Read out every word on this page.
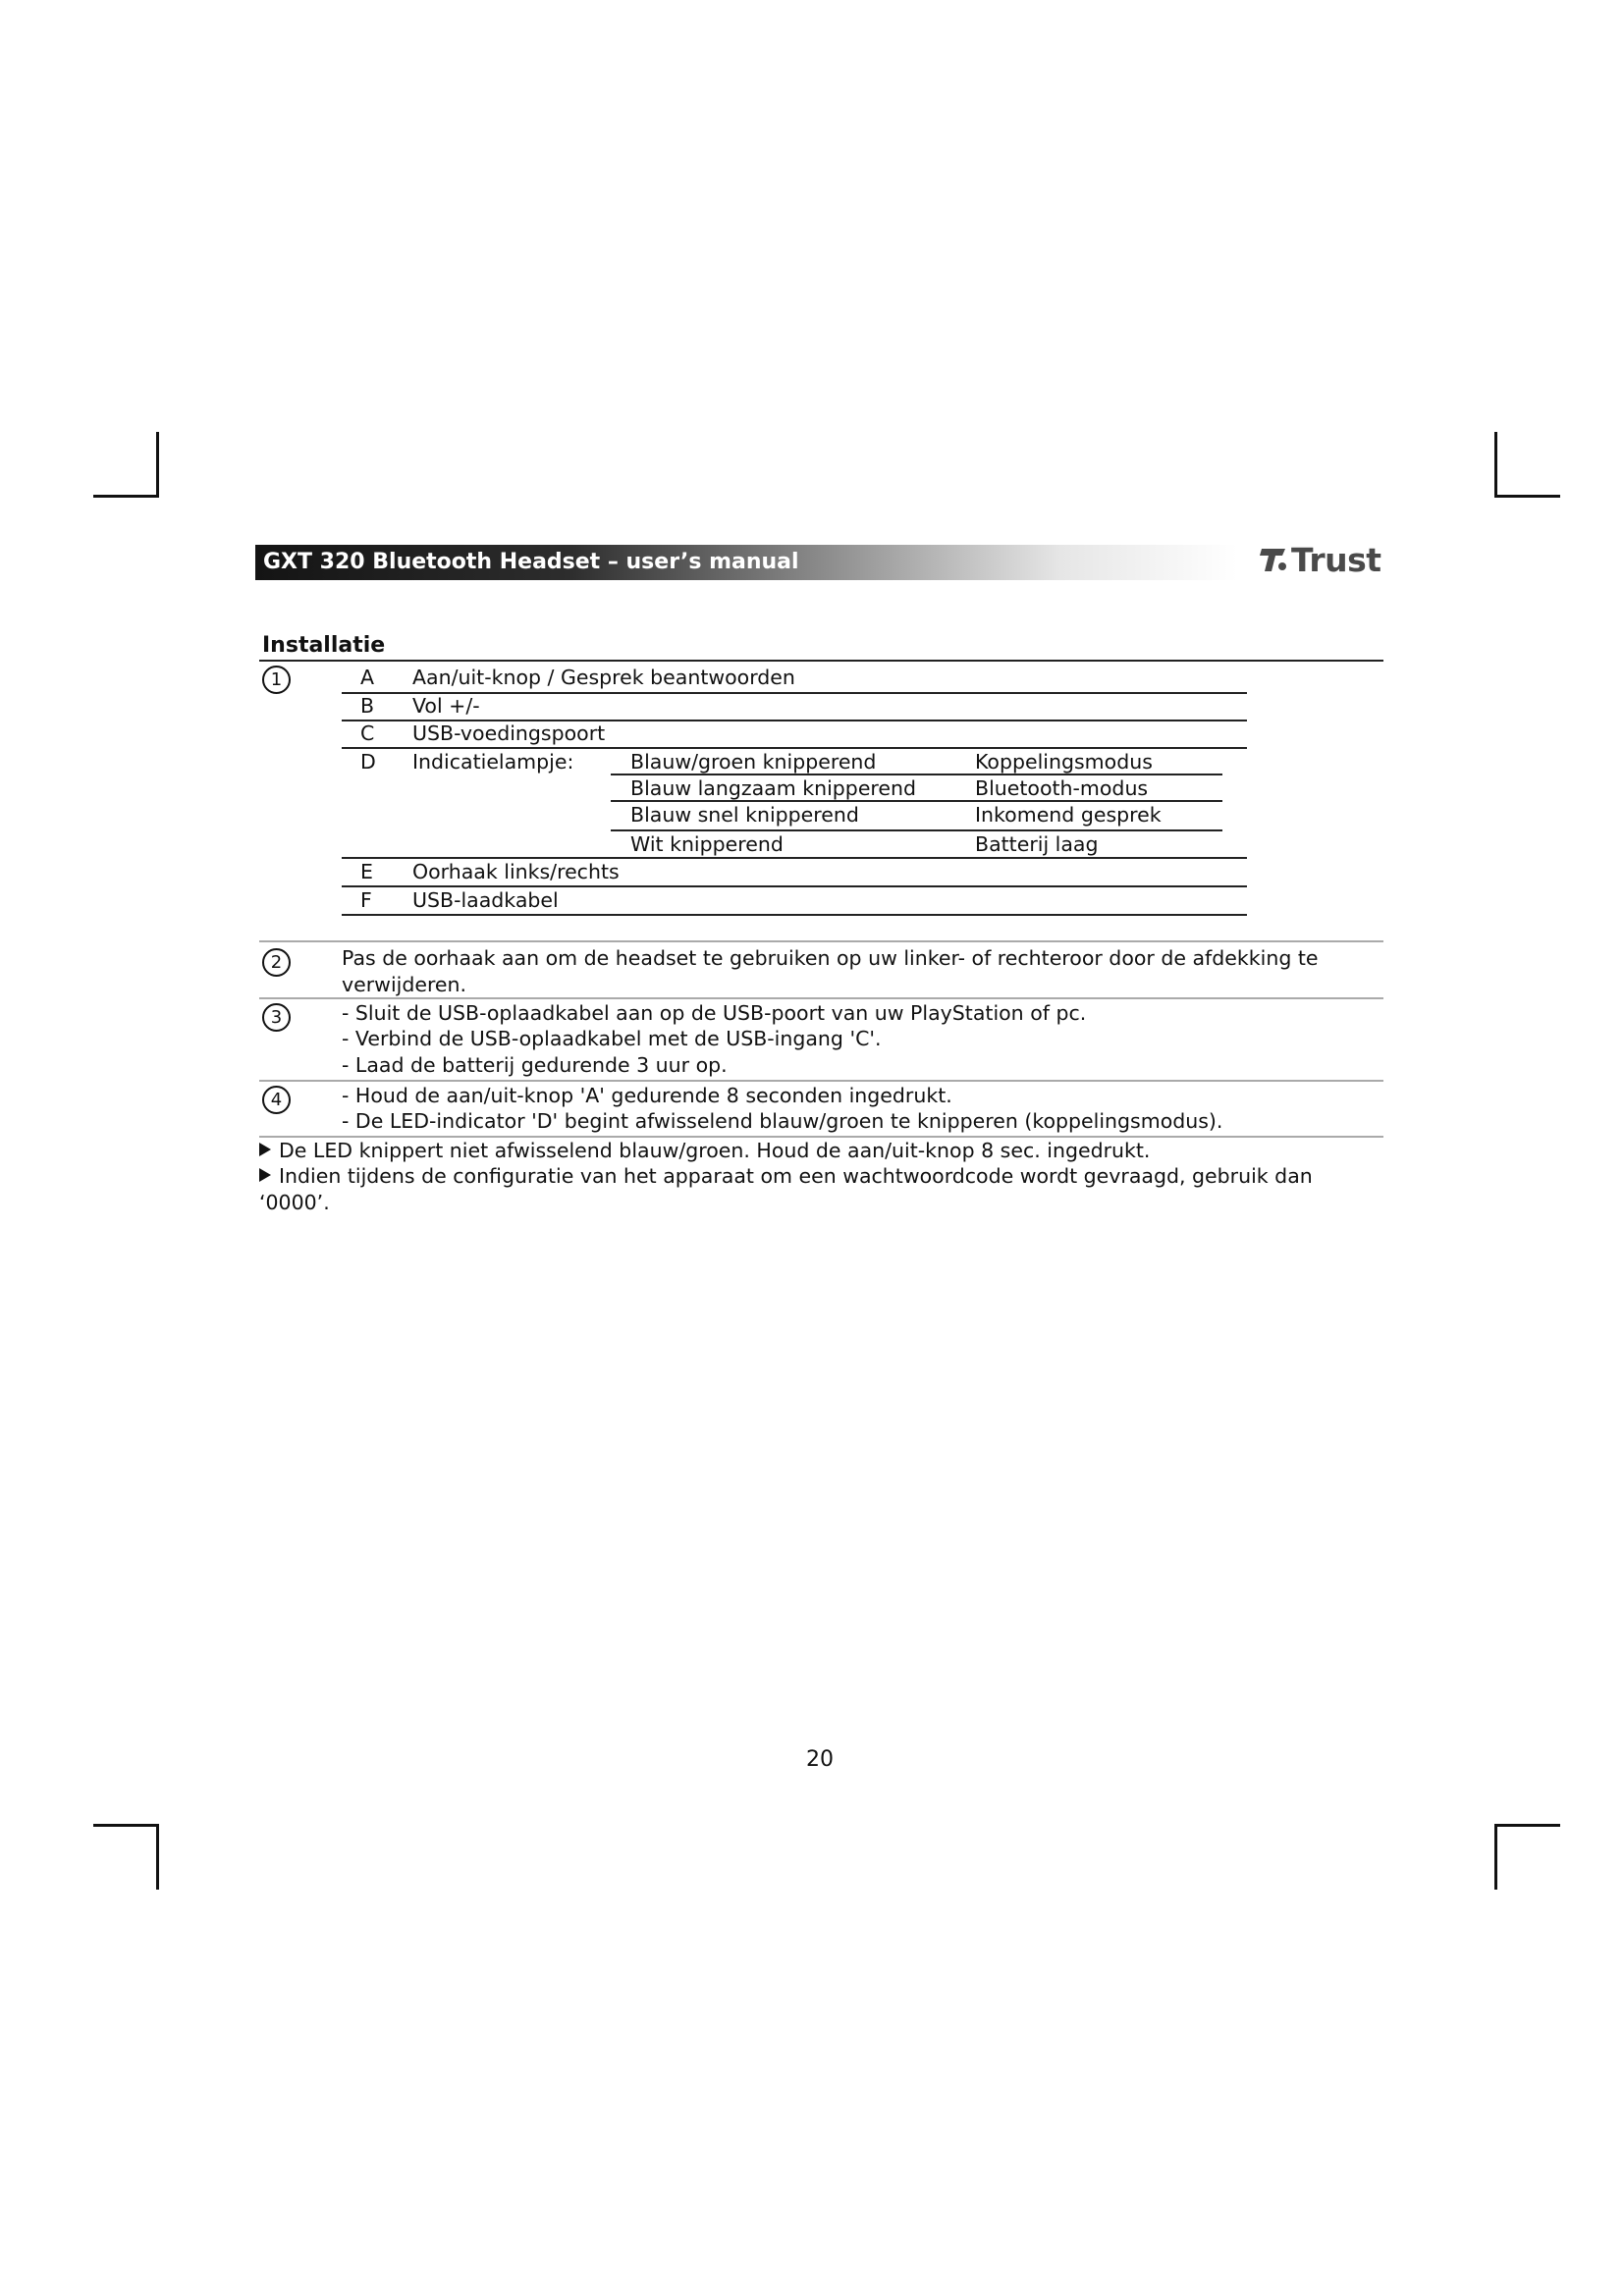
GXT 320 Bluetooth Headset – user’s manual	Trust
Installatie
1	A Aan/uit-knop / Gesprek beantwoorden
B Vol +/-
C USB-voedingspoort
D Indicatielampje:	Blauw/groen knipperend	Koppelingsmodus
Blauw langzaam knipperend	Bluetooth-modus
Blauw snel knipperend	Inkomend gesprek
Wit knipperend	Batterij laag
E Oorhaak links/rechts
F USB-laadkabel
2	Pas de oorhaak aan om de headset te gebruiken op uw linker- of rechteroor door de afdekking te verwijderen.
3	- Sluit de USB-oplaadkabel aan op de USB-poort van uw PlayStation of pc.
- Verbind de USB-oplaadkabel met de USB-ingang 'C'.
- Laad de batterij gedurende 3 uur op.
4	- Houd de aan/uit-knop 'A' gedurende 8 seconden ingedrukt.
- De LED-indicator 'D' begint afwisselend blauw/groen te knipperen (koppelingsmodus).
De LED knippert niet afwisselend blauw/groen. Houd de aan/uit-knop 8 sec. ingedrukt.
Indien tijdens de configuratie van het apparaat om een wachtwoordcode wordt gevraagd, gebruik dan ‘0000’.
20
